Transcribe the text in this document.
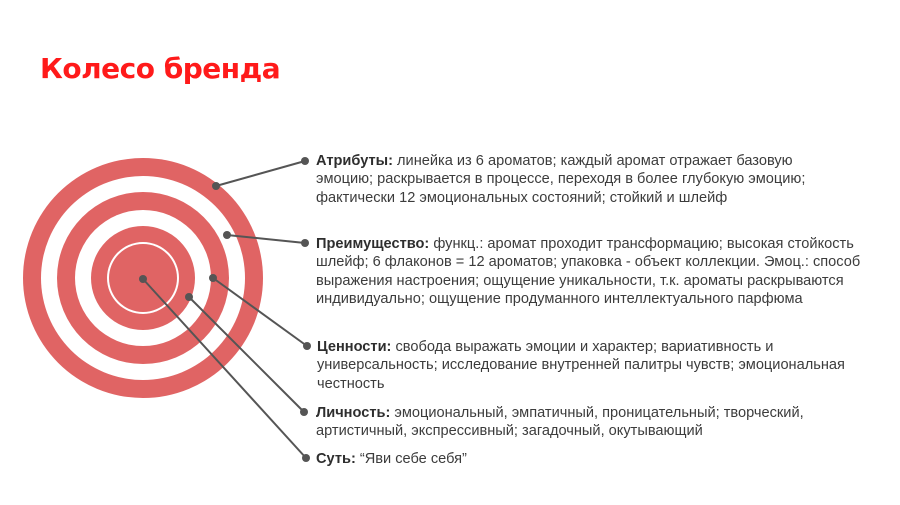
Колесо бренда

Атрибуты: линейка из 6 ароматов; каждый аромат отражает базовую эмоцию; раскрывается в процессе, переходя в более глубокую эмоцию; фактически 12 эмоциональных состояний; стойкий и шлейф

Преимущество: функц.: аромат проходит трансформацию; высокая стойкость шлейф; 6 флаконов = 12 ароматов; упаковка - объект коллекции. Эмоц.: способ выражения настроения; ощущение уникальности, т.к. ароматы раскрываются индивидуально; ощущение продуманного интеллектуального парфюма

Ценности: свобода выражать эмоции и характер; вариативность и универсальность; исследование внутренней палитры чувств; эмоциональная честность

Личность: эмоциональный, эмпатичный, проницательный; творческий, артистичный, экспрессивный; загадочный, окутывающий

Суть: “Яви себе себя”
